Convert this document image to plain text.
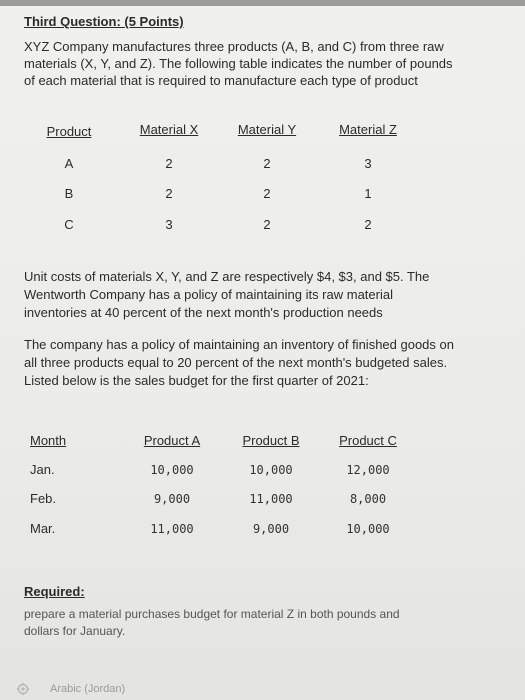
Third Question: (5 Points)
XYZ Company manufactures three products (A, B, and C) from three raw
materials (X, Y, and Z). The following table indicates the number of pounds
of each material that is required to manufacture each type of product
Product	Material X	Material Y	Material Z
A	2	2	3
B	2	2	1
C	3	2	2
Unit costs of materials X, Y, and Z are respectively $4, $3, and $5. The
Wentworth Company has a policy of maintaining its raw material
inventories at 40 percent of the next month's production needs
The company has a policy of maintaining an inventory of finished goods on
all three products equal to 20 percent of the next month's budgeted sales.
Listed below is the sales budget for the first quarter of 2021:
Month	Product A	Product B	Product C
Jan.	10,000	10,000	12,000
Feb.	9,000	11,000	8,000
Mar.	11,000	9,000	10,000
Required:
prepare a material purchases budget for material Z in both pounds and
dollars for January.
Arabic (Jordan)
